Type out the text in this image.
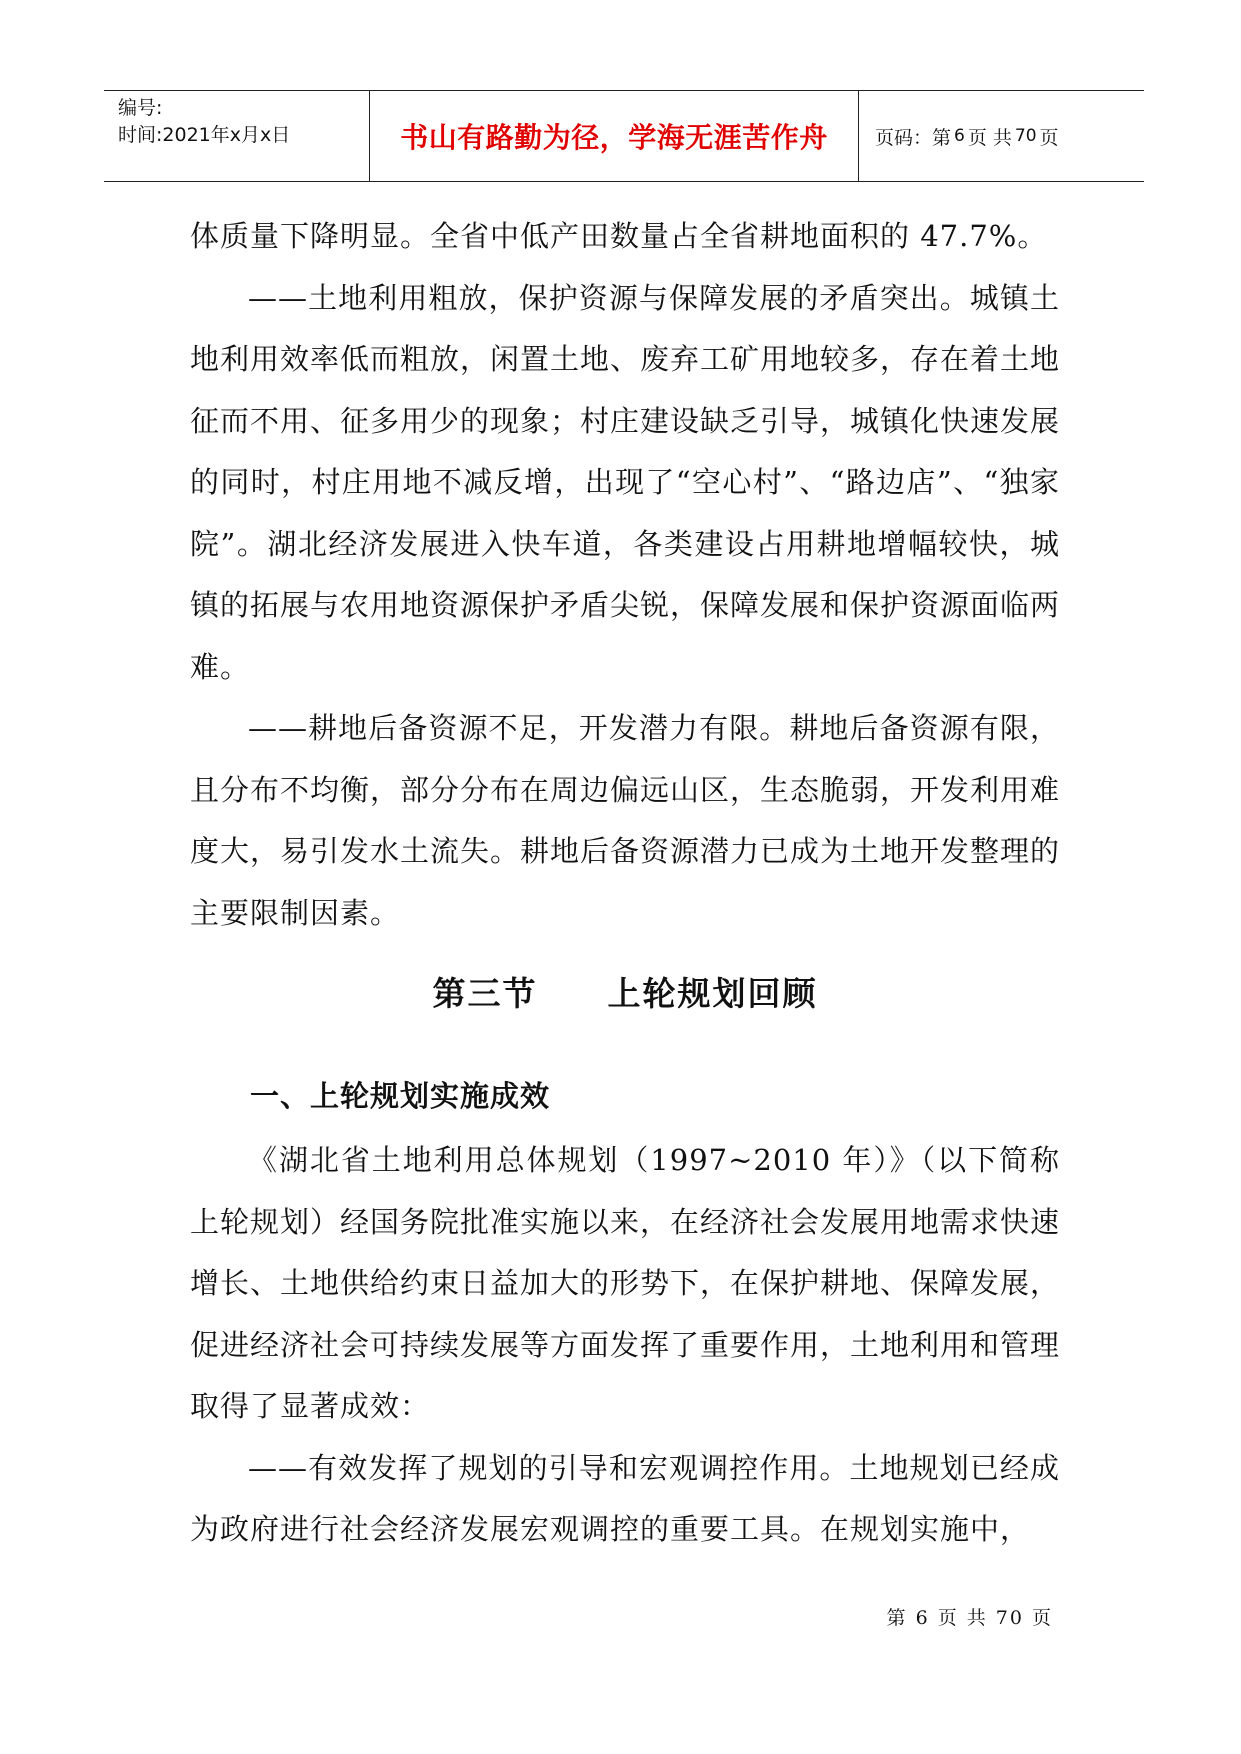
编号:
时间:2021年x月x日	书山有路勤为径，学海无涯苦作舟 页码：第 6 页 共 70 页

体质量下降明显。全省中低产田数量占全省耕地面积的 47.7%。

——土地利用粗放，保护资源与保障发展的矛盾突出。城镇土地利用效率低而粗放，闲置土地、废弃工矿用地较多，存在着土地征而不用、征多用少的现象；村庄建设缺乏引导，城镇化快速发展的同时，村庄用地不减反增，出现了“空心村”、“路边店”、“独家院”。湖北经济发展进入快车道，各类建设占用耕地增幅较快，城镇的拓展与农用地资源保护矛盾尖锐，保障发展和保护资源面临两难。

——耕地后备资源不足，开发潜力有限。耕地后备资源有限，且分布不均衡，部分分布在周边偏远山区，生态脆弱，开发利用难度大，易引发水土流失。耕地后备资源潜力已成为土地开发整理的主要限制因素。

第三节 上轮规划回顾
一、上轮规划实施成效

《湖北省土地利用总体规划（1997~2010 年）》（以下简称上轮规划）经国务院批准实施以来，在经济社会发展用地需求快速增长、土地供给约束日益加大的形势下，在保护耕地、保障发展，促进经济社会可持续发展等方面发挥了重要作用，土地利用和管理取得了显著成效：

——有效发挥了规划的引导和宏观调控作用。土地规划已经成为政府进行社会经济发展宏观调控的重要工具。在规划实施中，

第 6 页 共 70 页
